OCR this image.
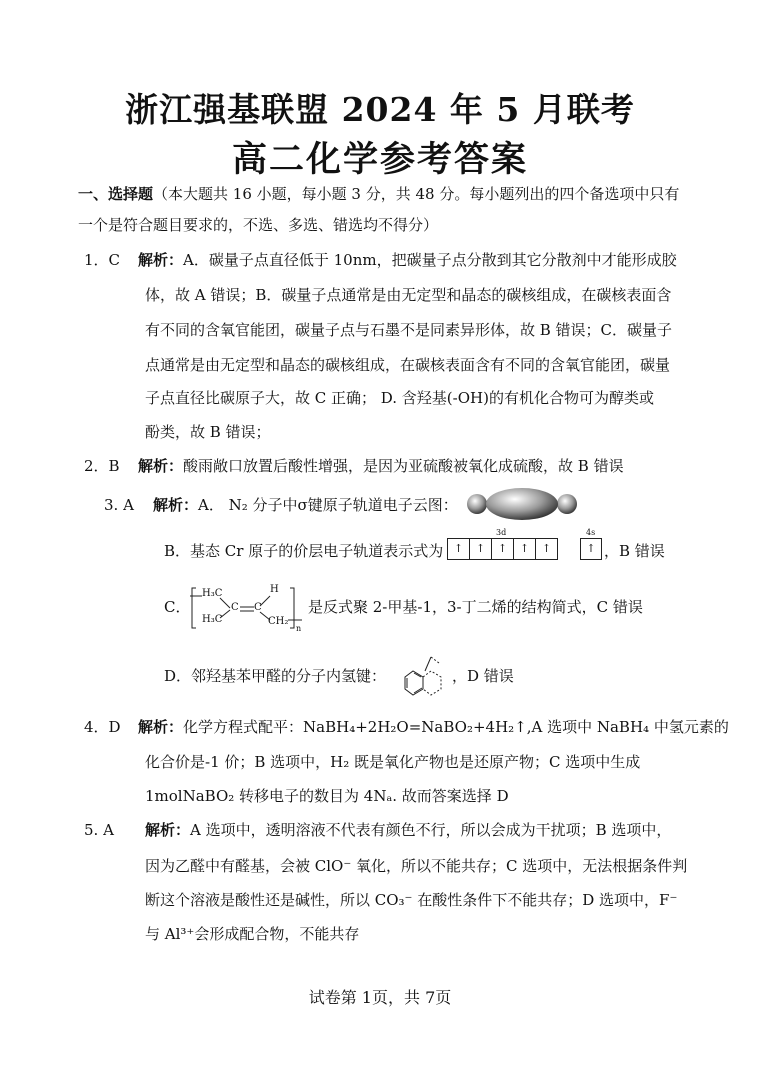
浙江强基联盟 2024 年 5 月联考
高二化学参考答案
一、选择题（本大题共 16 小题，每小题 3 分，共 48 分。每小题列出的四个备选项中只有
一个是符合题目要求的，不选、多选、错选均不得分）
1．C 解析：A．碳量子点直径低于 10nm，把碳量子点分散到其它分散剂中才能形成胶
体，故 A 错误；B．碳量子点通常是由无定型和晶态的碳核组成，在碳核表面含
有不同的含氧官能团，碳量子点与石墨不是同素异形体，故 B 错误；C．碳量子
点通常是由无定型和晶态的碳核组成，在碳核表面含有不同的含氧官能团，碳量
子点直径比碳原子大，故 C 正确； D. 含羟基(-OH)的有机化合物可为醇类或
酚类，故 B 错误；
2．B 解析：酸雨敞口放置后酸性增强，是因为亚硫酸被氧化成硫酸，故 B 错误
3. A 解析：A． N₂ 分子中σ键原子轨道电子云图：
B．基态 Cr 原子的价层电子轨道表示式为
3d
↑	↑	↑	↑	↑
4s
↑ ，B 错误
C．
H₃C
H₃C
C C
H
CH₂
n
是反式聚 2-甲基-1，3-丁二烯的结构简式，C 错误
D．邻羟基苯甲醛的分子内氢键：	，D 错误
4．D 解析：化学方程式配平：NaBH₄+2H₂O=NaBO₂+4H₂↑,A 选项中 NaBH₄ 中氢元素的
化合价是-1 价；B 选项中，H₂ 既是氧化产物也是还原产物；C 选项中生成
1molNaBO₂ 转移电子的数目为 4Nₐ. 故而答案选择 D
5. A 解析：A 选项中，透明溶液不代表有颜色不行，所以会成为干扰项；B 选项中，
因为乙醛中有醛基，会被 ClO⁻ 氧化，所以不能共存；C 选项中，无法根据条件判
断这个溶液是酸性还是碱性，所以 CO₃⁻ 在酸性条件下不能共存；D 选项中，F⁻
与 Al³⁺会形成配合物，不能共存
试卷第 1页，共 7页
